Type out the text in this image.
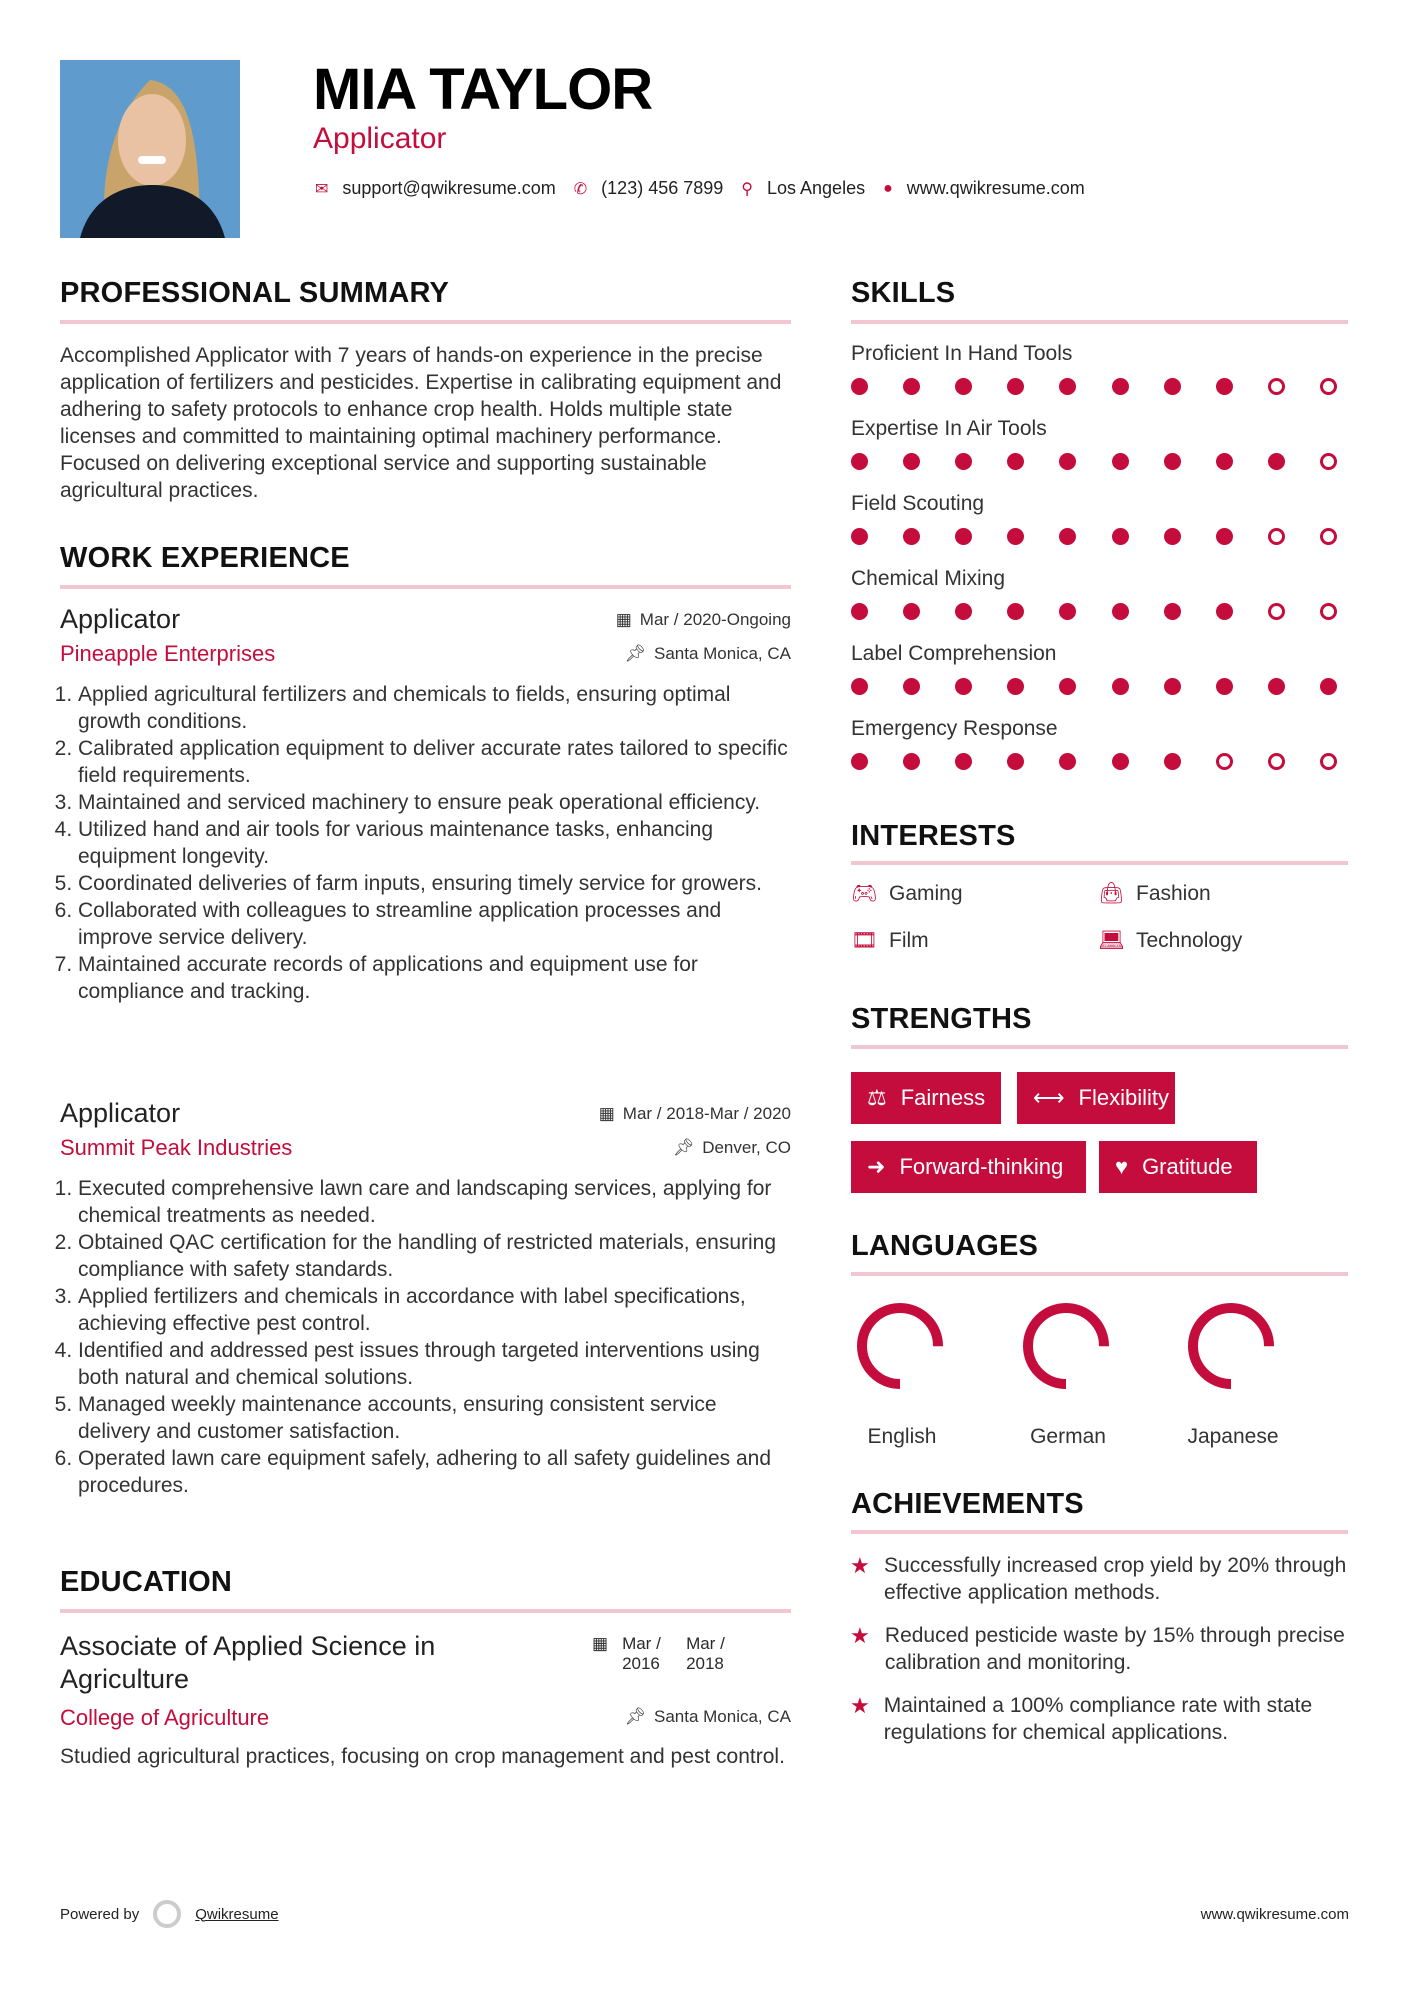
MIA TAYLOR
Applicator
✉ support@qwikresume.com ✆ (123) 456 7899 ⚲ Los Angeles ● www.qwikresume.com
PROFESSIONAL SUMMARY
Accomplished Applicator with 7 years of hands-on experience in the precise application of fertilizers and pesticides. Expertise in calibrating equipment and adhering to safety protocols to enhance crop health. Holds multiple state licenses and committed to maintaining optimal machinery performance. Focused on delivering exceptional service and supporting sustainable agricultural practices.
WORK EXPERIENCE
Applicator	▦ Mar / 2020-Ongoing
Pineapple Enterprises	📌︎ Santa Monica, CA
1. Applied agricultural fertilizers and chemicals to fields, ensuring optimal growth conditions.
2. Calibrated application equipment to deliver accurate rates tailored to specific field requirements.
3. Maintained and serviced machinery to ensure peak operational efficiency.
4. Utilized hand and air tools for various maintenance tasks, enhancing equipment longevity.
5. Coordinated deliveries of farm inputs, ensuring timely service for growers.
6. Collaborated with colleagues to streamline application processes and improve service delivery.
7. Maintained accurate records of applications and equipment use for compliance and tracking.
Applicator	▦ Mar / 2018-Mar / 2020
Summit Peak Industries	📌︎ Denver, CO
1. Executed comprehensive lawn care and landscaping services, applying for chemical treatments as needed.
2. Obtained QAC certification for the handling of restricted materials, ensuring compliance with safety standards.
3. Applied fertilizers and chemicals in accordance with label specifications, achieving effective pest control.
4. Identified and addressed pest issues through targeted interventions using both natural and chemical solutions.
5. Managed weekly maintenance accounts, ensuring consistent service delivery and customer satisfaction.
6. Operated lawn care equipment safely, adhering to all safety guidelines and procedures.
EDUCATION
Associate of Applied Science in Agriculture
▦ Mar / 2016
Mar / 2018
College of Agriculture	📌︎ Santa Monica, CA
Studied agricultural practices, focusing on crop management and pest control.
SKILLS
Proficient In Hand Tools
Expertise In Air Tools
Field Scouting
Chemical Mixing
Label Comprehension
Emergency Response
INTERESTS
🎮︎ Gaming	👜︎ Fashion
🎞︎ Film	💻︎ Technology
STRENGTHS
⚖ Fairness ⟷ Flexibility
➜ Forward-thinking ♥ Gratitude
LANGUAGES
English	German	Japanese
ACHIEVEMENTS
★ Successfully increased crop yield by 20% through effective application methods.
★ Reduced pesticide waste by 15% through precise calibration and monitoring.
★ Maintained a 100% compliance rate with state regulations for chemical applications.
Powered by	Qwikresume	www.qwikresume.com
